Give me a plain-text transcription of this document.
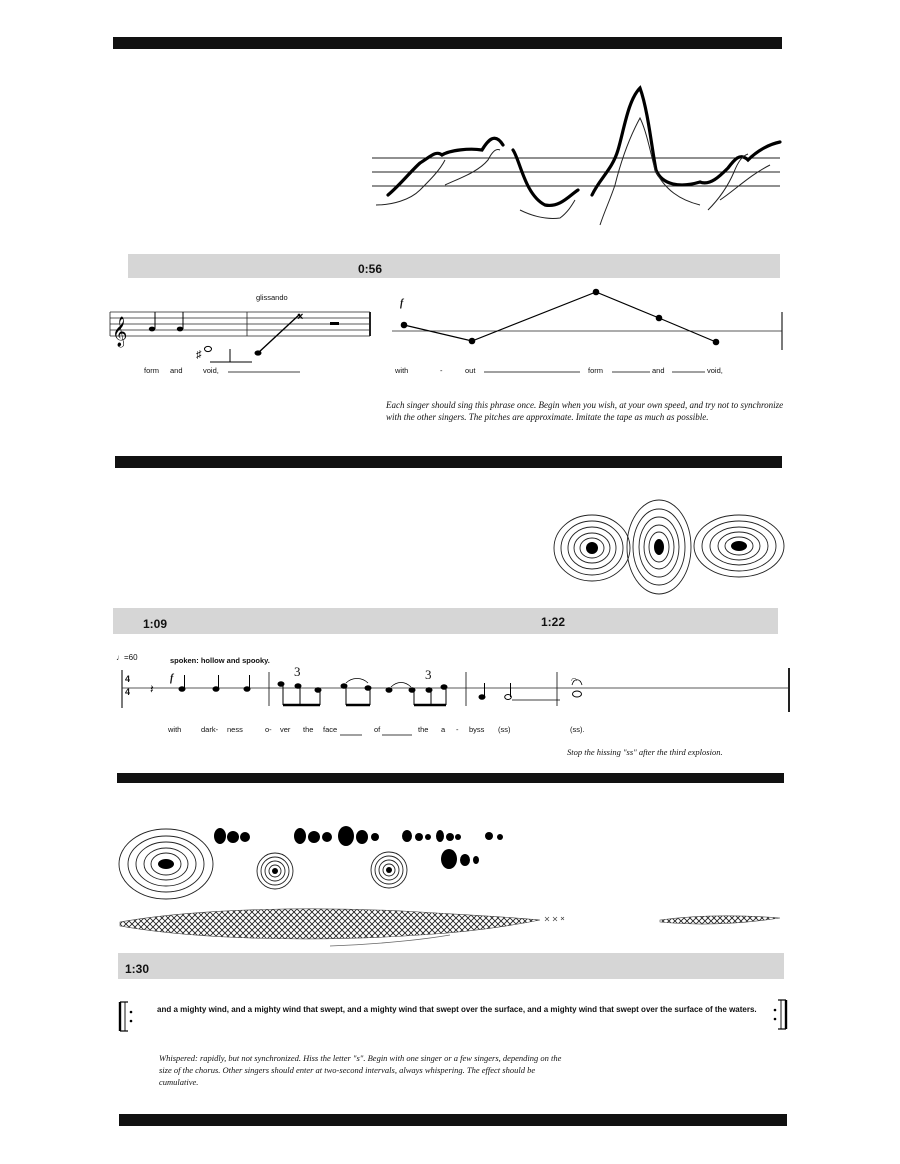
0:56
𝄞
♯
×
glissando
f
form and	void,	with	-	out	form	and	void,
Each singer should sing this phrase once. Begin when you wish, at your own speed, and try not to synchronize with the other singers. The pitches are approximate. Imitate the tape as much as possible.
1:09	1:22
𝄐
𝄽
♩=60	spoken: hollow and spooky.
f
4
4
3	3
with	dark- ness	o- ver the face	of	the a - byss (ss)	(ss).
Stop the hissing "ss" after the third explosion.
1:30
and a mighty wind, and a mighty wind that swept, and a mighty wind that swept over the surface, and a mighty wind that swept over the surface of the waters.
Whispered: rapidly, but not synchronized. Hiss the letter "s". Begin with one singer or a few singers, depending on the size of the chorus. Other singers should enter at two-second intervals, always whispering. The effect should be cumulative.
